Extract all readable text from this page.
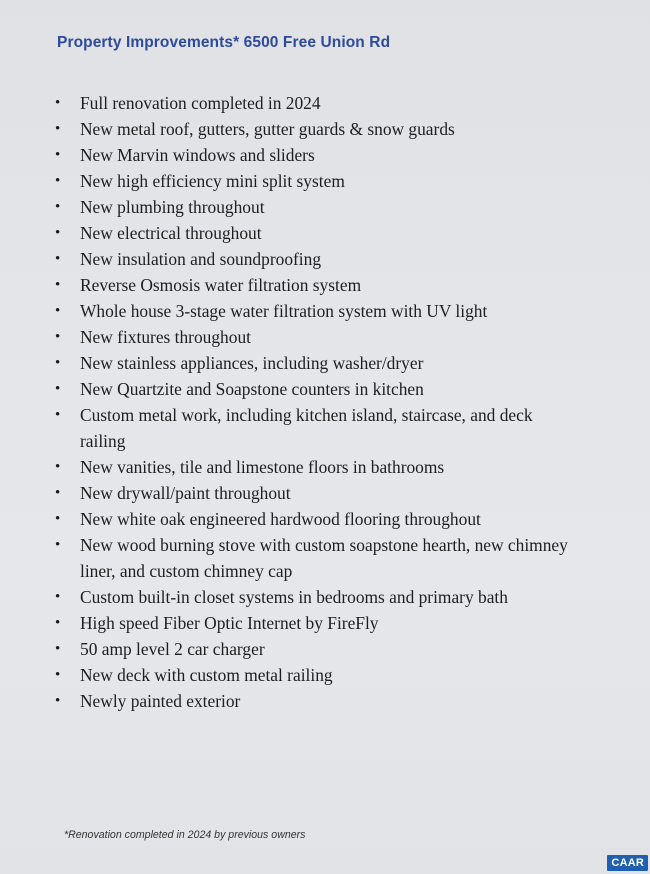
Property Improvements* 6500 Free Union Rd
• Full renovation completed in 2024
• New metal roof, gutters, gutter guards & snow guards
• New Marvin windows and sliders
• New high efficiency mini split system
• New plumbing throughout
• New electrical throughout
• New insulation and soundproofing
• Reverse Osmosis water filtration system
• Whole house 3-stage water filtration system with UV light
• New fixtures throughout
• New stainless appliances, including washer/dryer
• New Quartzite and Soapstone counters in kitchen
• Custom metal work, including kitchen island, staircase, and deck railing
• New vanities, tile and limestone floors in bathrooms
• New drywall/paint throughout
• New white oak engineered hardwood flooring throughout
• New wood burning stove with custom soapstone hearth, new chimney liner, and custom chimney cap
• Custom built-in closet systems in bedrooms and primary bath
• High speed Fiber Optic Internet by FireFly
• 50 amp level 2 car charger
• New deck with custom metal railing
• Newly painted exterior

*Renovation completed in 2024 by previous owners

CAAR
